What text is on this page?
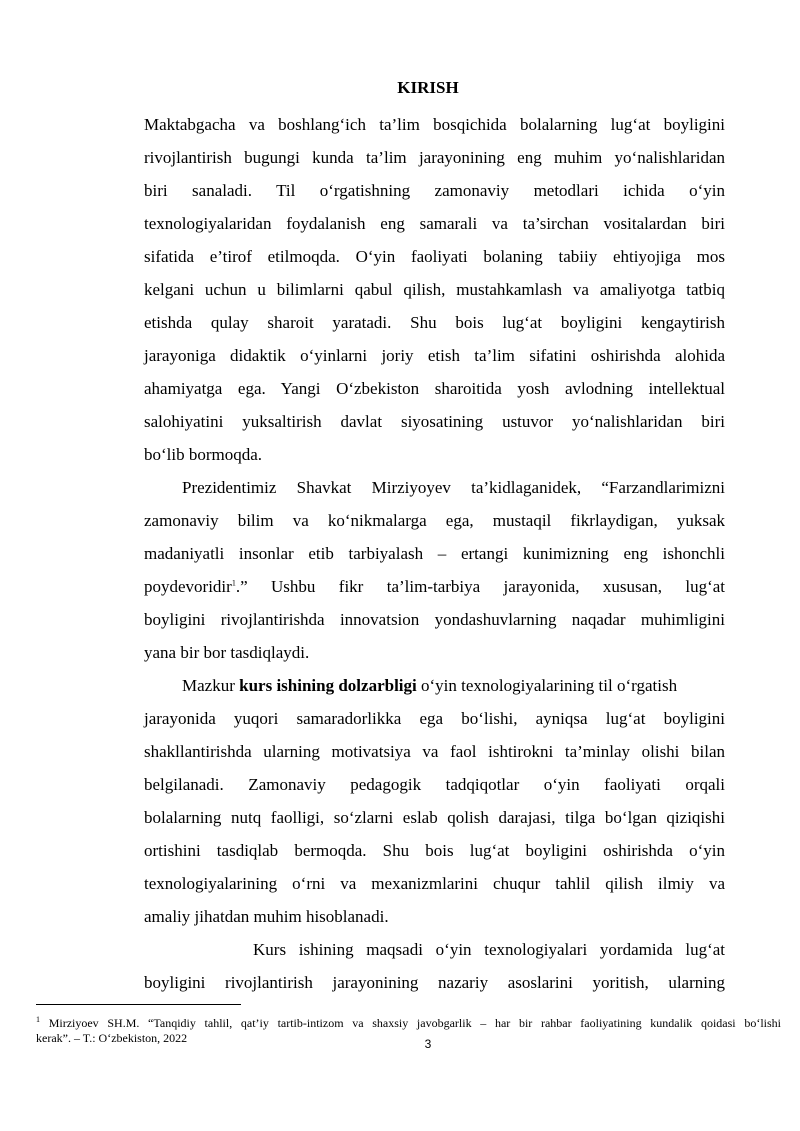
KIRISH
Maktabgacha va boshlang‘ich ta’lim bosqichida bolalarning lug‘at boyligini
rivojlantirish bugungi kunda ta’lim jarayonining eng muhim yo‘nalishlaridan
biri sanaladi. Til o‘rgatishning zamonaviy metodlari ichida o‘yin
texnologiyalaridan foydalanish eng samarali va ta’sirchan vositalardan biri
sifatida e’tirof etilmoqda. O‘yin faoliyati bolaning tabiiy ehtiyojiga mos
kelgani uchun u bilimlarni qabul qilish, mustahkamlash va amaliyotga tatbiq
etishda qulay sharoit yaratadi. Shu bois lug‘at boyligini kengaytirish
jarayoniga didaktik o‘yinlarni joriy etish ta’lim sifatini oshirishda alohida
ahamiyatga ega. Yangi O‘zbekiston sharoitida yosh avlodning intellektual
salohiyatini yuksaltirish davlat siyosatining ustuvor yo‘nalishlaridan biri
bo‘lib bormoqda.
Prezidentimiz Shavkat Mirziyoyev ta’kidlaganidek, “Farzandlarimizni
zamonaviy bilim va ko‘nikmalarga ega, mustaqil fikrlaydigan, yuksak
madaniyatli insonlar etib tarbiyalash – ertangi kunimizning eng ishonchli
poydevoridir$^1$.” Ushbu fikr ta’lim-tarbiya jarayonida, xususan, lug‘at
boyligini rivojlantirishda innovatsion yondashuvlarning naqadar muhimligini
yana bir bor tasdiqlaydi.
Mazkur kurs ishining dolzarbligi o‘yin texnologiyalarining til o‘rgatish
jarayonida yuqori samaradorlikka ega bo‘lishi, ayniqsa lug‘at boyligini
shakllantirishda ularning motivatsiya va faol ishtirokni ta’minlay olishi bilan
belgilanadi. Zamonaviy pedagogik tadqiqotlar o‘yin faoliyati orqali
bolalarning nutq faolligi, so‘zlarni eslab qolish darajasi, tilga bo‘lgan qiziqishi
ortishini tasdiqlab bermoqda. Shu bois lug‘at boyligini oshirishda o‘yin
texnologiyalarining o‘rni va mexanizmlarini chuqur tahlil qilish ilmiy va
amaliy jihatdan muhim hisoblanadi.
Kurs ishining maqsadi o‘yin texnologiyalari yordamida lug‘at
boyligini rivojlantirish jarayonining nazariy asoslarini yoritish, ularning
$^1$ Mirziyoev SH.M. “Tanqidiy tahlil, qat’iy tartib-intizom va shaxsiy javobgarlik – har bir rahbar faoliyatining kundalik qoidasi bo‘lishi
kerak”. – T.: O‘zbekiston, 2022	3
